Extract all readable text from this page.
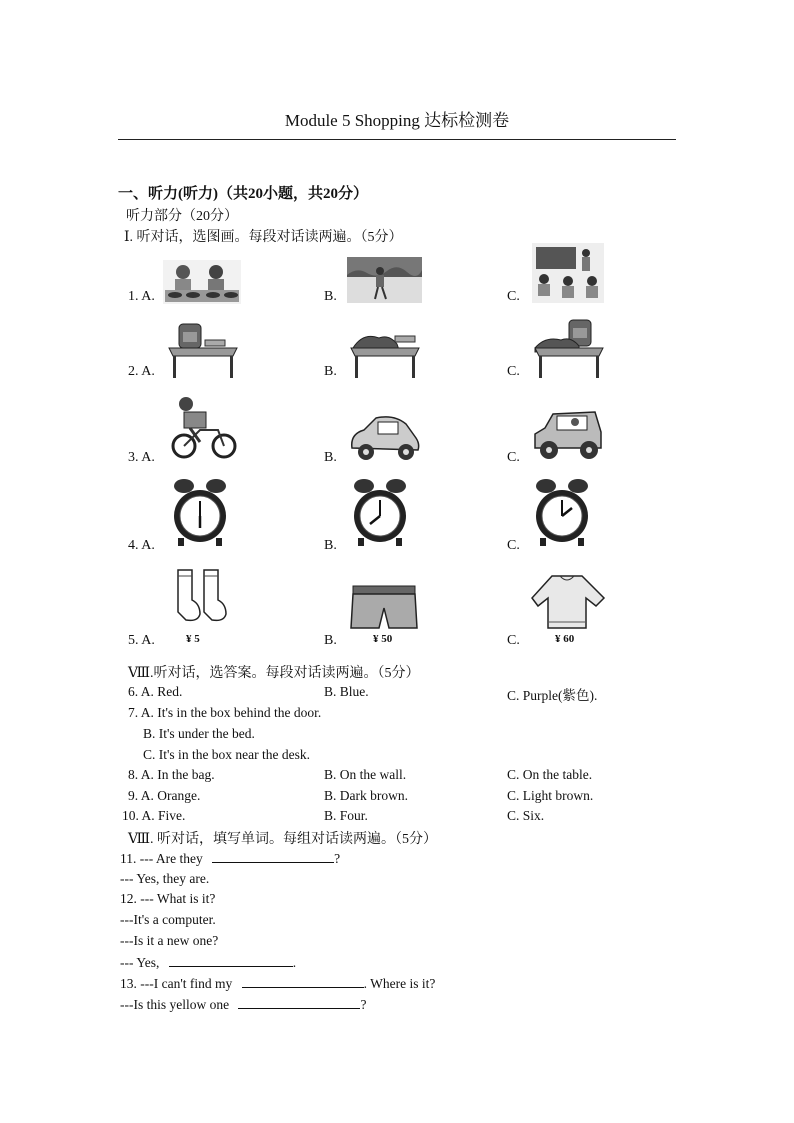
Module 5 Shopping 达标检测卷
一、听力(听力)（共20小题，共20分）
听力部分（20分）
Ⅰ. 听对话，选图画。每段对话读两遍。（5分）
1. A.	B.	C.
2. A.	B.	C.
3. A.	B.	C.
4. A.	B.	C.
5. A.	¥ 5	B.	¥ 50	C.	¥ 60
Ⅷ.听对话，选答案。每段对话读两遍。（5分）
6. A. Red.	B. Blue.	C. Purple(紫色).
7. A. It's in the box behind the door.
B. It's under the bed.
C. It's in the box near the desk.
8. A. In the bag.	B. On the wall.	C. On the table.
9. A. Orange.	B. Dark brown.	C. Light brown.
10. A. Five.	B. Four.	C. Six.
Ⅷ. 听对话，填写单词。每组对话读两遍。（5分）
11. --- Are they	?
--- Yes, they are.
12. --- What is it?
---It's a computer.
---Is it a new one?
--- Yes,	.
13. ---I can't find my	. Where is it?
---Is this yellow one	?
